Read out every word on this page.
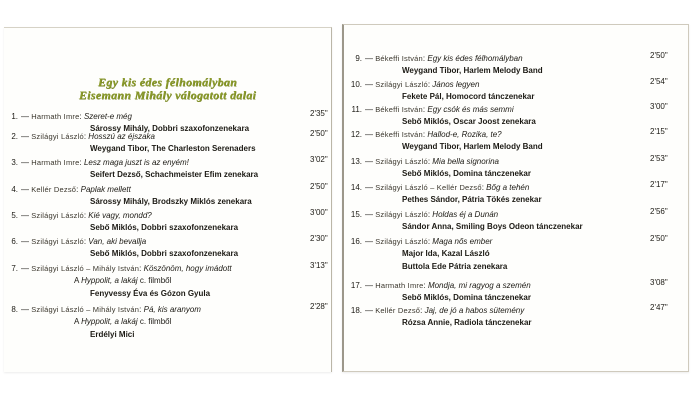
Egy kis édes félhomályban
Eisemann Mihály válogatott dalai
1. — Harmath Imre: Szeret-e még	2'35"
Sárossy Mihály, Dobbri szaxofonzenekara
2. — Szilágyi László: Hosszú az éjszaka	2'50"
Weygand Tibor, The Charleston Serenaders
3. — Harmath Imre: Lesz maga juszt is az enyém!	3'02"
Seifert Dezső, Schachmeister Efim zenekara
4. — Kellér Dezső: Paplak mellett	2'50"
Sárossy Mihály, Brodszky Miklós zenekara
5. — Szilágyi László: Kié vagy, mondd?	3'00"
Sebő Miklós, Dobbri szaxofonzenekara
6. — Szilágyi László: Van, aki bevallja	2'30"
Sebő Miklós, Dobbri szaxofonzenekara
7. — Szilágyi László – Mihály István: Köszönöm, hogy imádott	3'13"
A Hyppolit, a lakáj c. filmből
Fenyvessy Éva és Gózon Gyula
8. — Szilágyi László – Mihály István: Pá, kis aranyom	2'28"
A Hyppolit, a lakáj c. filmből
Erdélyi Mici
9. — Békeffi István: Egy kis édes félhomályban	2'50"
Weygand Tibor, Harlem Melody Band
10. — Szilágyi László: János legyen	2'54"
Fekete Pál, Homocord tánczenekar
11. — Békeffi István: Egy csók és más semmi	3'00"
Sebő Miklós, Oscar Joost zenekara
12. — Békeffi István: Hallod-e, Rozika, te?	2'15"
Weygand Tibor, Harlem Melody Band
13. — Szilágyi László: Mia bella signorina	2'53"
Sebő Miklós, Domina tánczenekar
14. — Szilágyi László – Kellér Dezső: Bőg a tehén	2'17"
Pethes Sándor, Pátria Tökés zenekar
15. — Szilágyi László: Holdas éj a Dunán	2'56"
Sándor Anna, Smiling Boys Odeon tánczenekar
16. — Szilágyi László: Maga nős ember	2'50"
Major Ida, Kazal László
Buttola Ede Pátria zenekara
17. — Harmath Imre: Mondja, mi ragyog a szemén	3'08"
Sebő Miklós, Domina tánczenekar
18. — Kellér Dezső: Jaj, de jó a habos sütemény	2'47"
Rózsa Annie, Radiola tánczenekar
